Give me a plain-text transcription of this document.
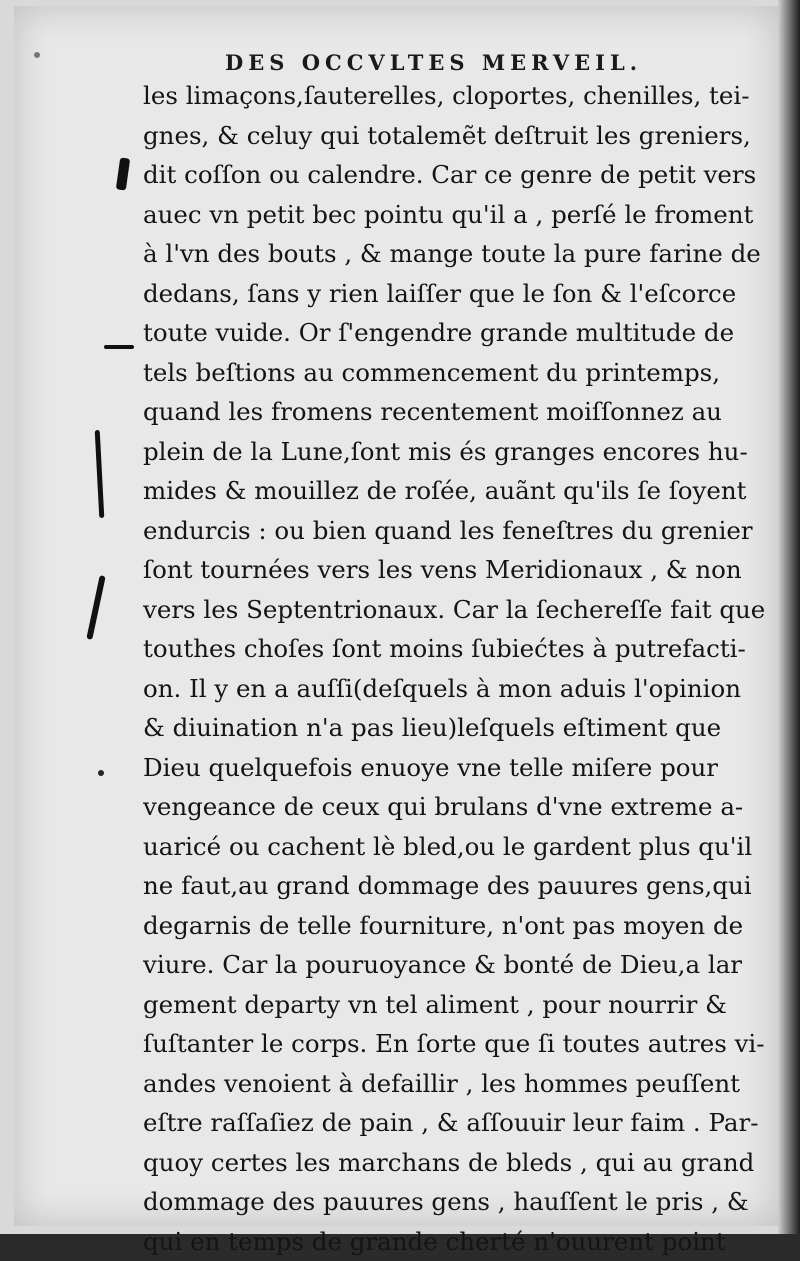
DES OCCVLTES MERVEIL.
les limaçons,ſauterelles, cloportes, chenilles, tei-
gnes, & celuy qui totalemẽt deſtruit les greniers,
dit coſſon ou calendre. Car ce genre de petit vers
auec vn petit bec pointu qu'il a , perſé le froment
à l'vn des bouts , & mange toute la pure farine de
dedans, ſans y rien laiſſer que le ſon & l'eſcorce
toute vuide. Or ſ'engendre grande multitude de
tels beſtions au commencement du printemps,
quand les fromens recentement moiſſonnez au
plein de la Lune,ſont mis és granges encores hu-
mides & mouillez de roſée, auãnt qu'ils ſe ſoyent
endurcis : ou bien quand les feneſtres du grenier
ſont tournées vers les vens Meridionaux , & non
vers les Septentrionaux. Car la ſechereſſe fait que
touthes choſes ſont moins ſubiećtes à putrefacti-
on. Il y en a auſſi(deſquels à mon aduis l'opinion
& diuination n'a pas lieu)leſquels eſtiment que
Dieu quelquefois enuoye vne telle miſere pour
vengeance de ceux qui brulans d'vne extreme a-
uaricé ou cachent lè bled,ou le gardent plus qu'il
ne faut,au grand dommage des pauures gens,qui
degarnis de telle fourniture, n'ont pas moyen de
viure. Car la pouruoyance & bonté de Dieu,a lar
gement departy vn tel aliment , pour nourrir &
ſuſtanter le corps. En ſorte que ſi toutes autres vi-
andes venoient à defaillir , les hommes peuſſent
eſtre raſſaſiez de pain , & aſſouuir leur faim . Par-
quoy certes les marchans de bleds , qui au grand
dommage des pauures gens , hauſſent le pris , &
qui en temps de grande cherté n'ouurent point
